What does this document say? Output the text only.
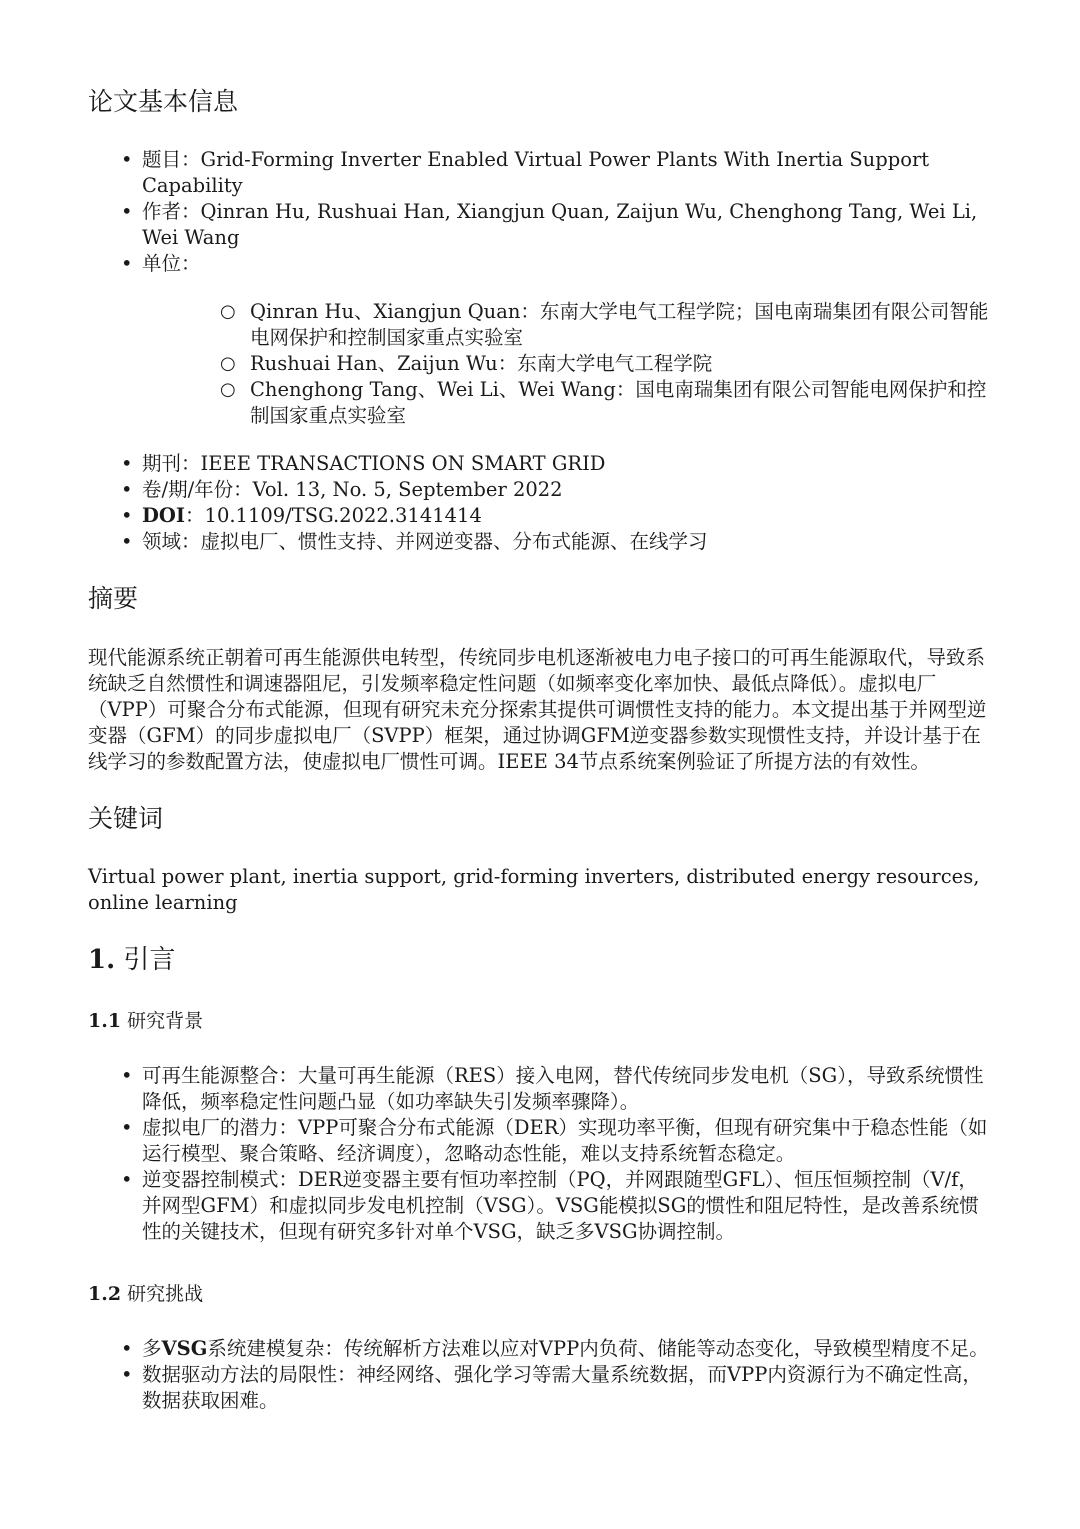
论文基本信息
• 题目：Grid-Forming Inverter Enabled Virtual Power Plants With Inertia Support Capability
• 作者：Qinran Hu, Rushuai Han, Xiangjun Quan, Zaijun Wu, Chenghong Tang, Wei Li, Wei Wang
• 单位：
○ Qinran Hu、Xiangjun Quan：东南大学电气工程学院；国电南瑞集团有限公司智能电网保护和控制国家重点实验室
○ Rushuai Han、Zaijun Wu：东南大学电气工程学院
○ Chenghong Tang、Wei Li、Wei Wang：国电南瑞集团有限公司智能电网保护和控制国家重点实验室
• 期刊：IEEE TRANSACTIONS ON SMART GRID
• 卷/期/年份：Vol. 13, No. 5, September 2022
• DOI：10.1109/TSG.2022.3141414
• 领域：虚拟电厂、惯性支持、并网逆变器、分布式能源、在线学习
摘要

现代能源系统正朝着可再生能源供电转型，传统同步电机逐渐被电力电子接口的可再生能源取代，导致系统缺乏自然惯性和调速器阻尼，引发频率稳定性问题（如频率变化率加快、最低点降低）。虚拟电厂（VPP）可聚合分布式能源，但现有研究未充分探索其提供可调惯性支持的能力。本文提出基于并网型逆变器（GFM）的同步虚拟电厂（SVPP）框架，通过协调GFM逆变器参数实现惯性支持，并设计基于在线学习的参数配置方法，使虚拟电厂惯性可调。IEEE 34节点系统案例验证了所提方法的有效性。

关键词

Virtual power plant, inertia support, grid-forming inverters, distributed energy resources, online learning

1. 引言
1.1 研究背景
• 可再生能源整合：大量可再生能源（RES）接入电网，替代传统同步发电机（SG），导致系统惯性降低，频率稳定性问题凸显（如功率缺失引发频率骤降）。
• 虚拟电厂的潜力：VPP可聚合分布式能源（DER）实现功率平衡，但现有研究集中于稳态性能（如运行模型、聚合策略、经济调度），忽略动态性能，难以支持系统暂态稳定。
• 逆变器控制模式：DER逆变器主要有恒功率控制（PQ，并网跟随型GFL）、恒压恒频控制（V/f，并网型GFM）和虚拟同步发电机控制（VSG）。VSG能模拟SG的惯性和阻尼特性，是改善系统惯性的关键技术，但现有研究多针对单个VSG，缺乏多VSG协调控制。
1.2 研究挑战
• 多VSG系统建模复杂：传统解析方法难以应对VPP内负荷、储能等动态变化，导致模型精度不足。
• 数据驱动方法的局限性：神经网络、强化学习等需大量系统数据，而VPP内资源行为不确定性高，数据获取困难。
